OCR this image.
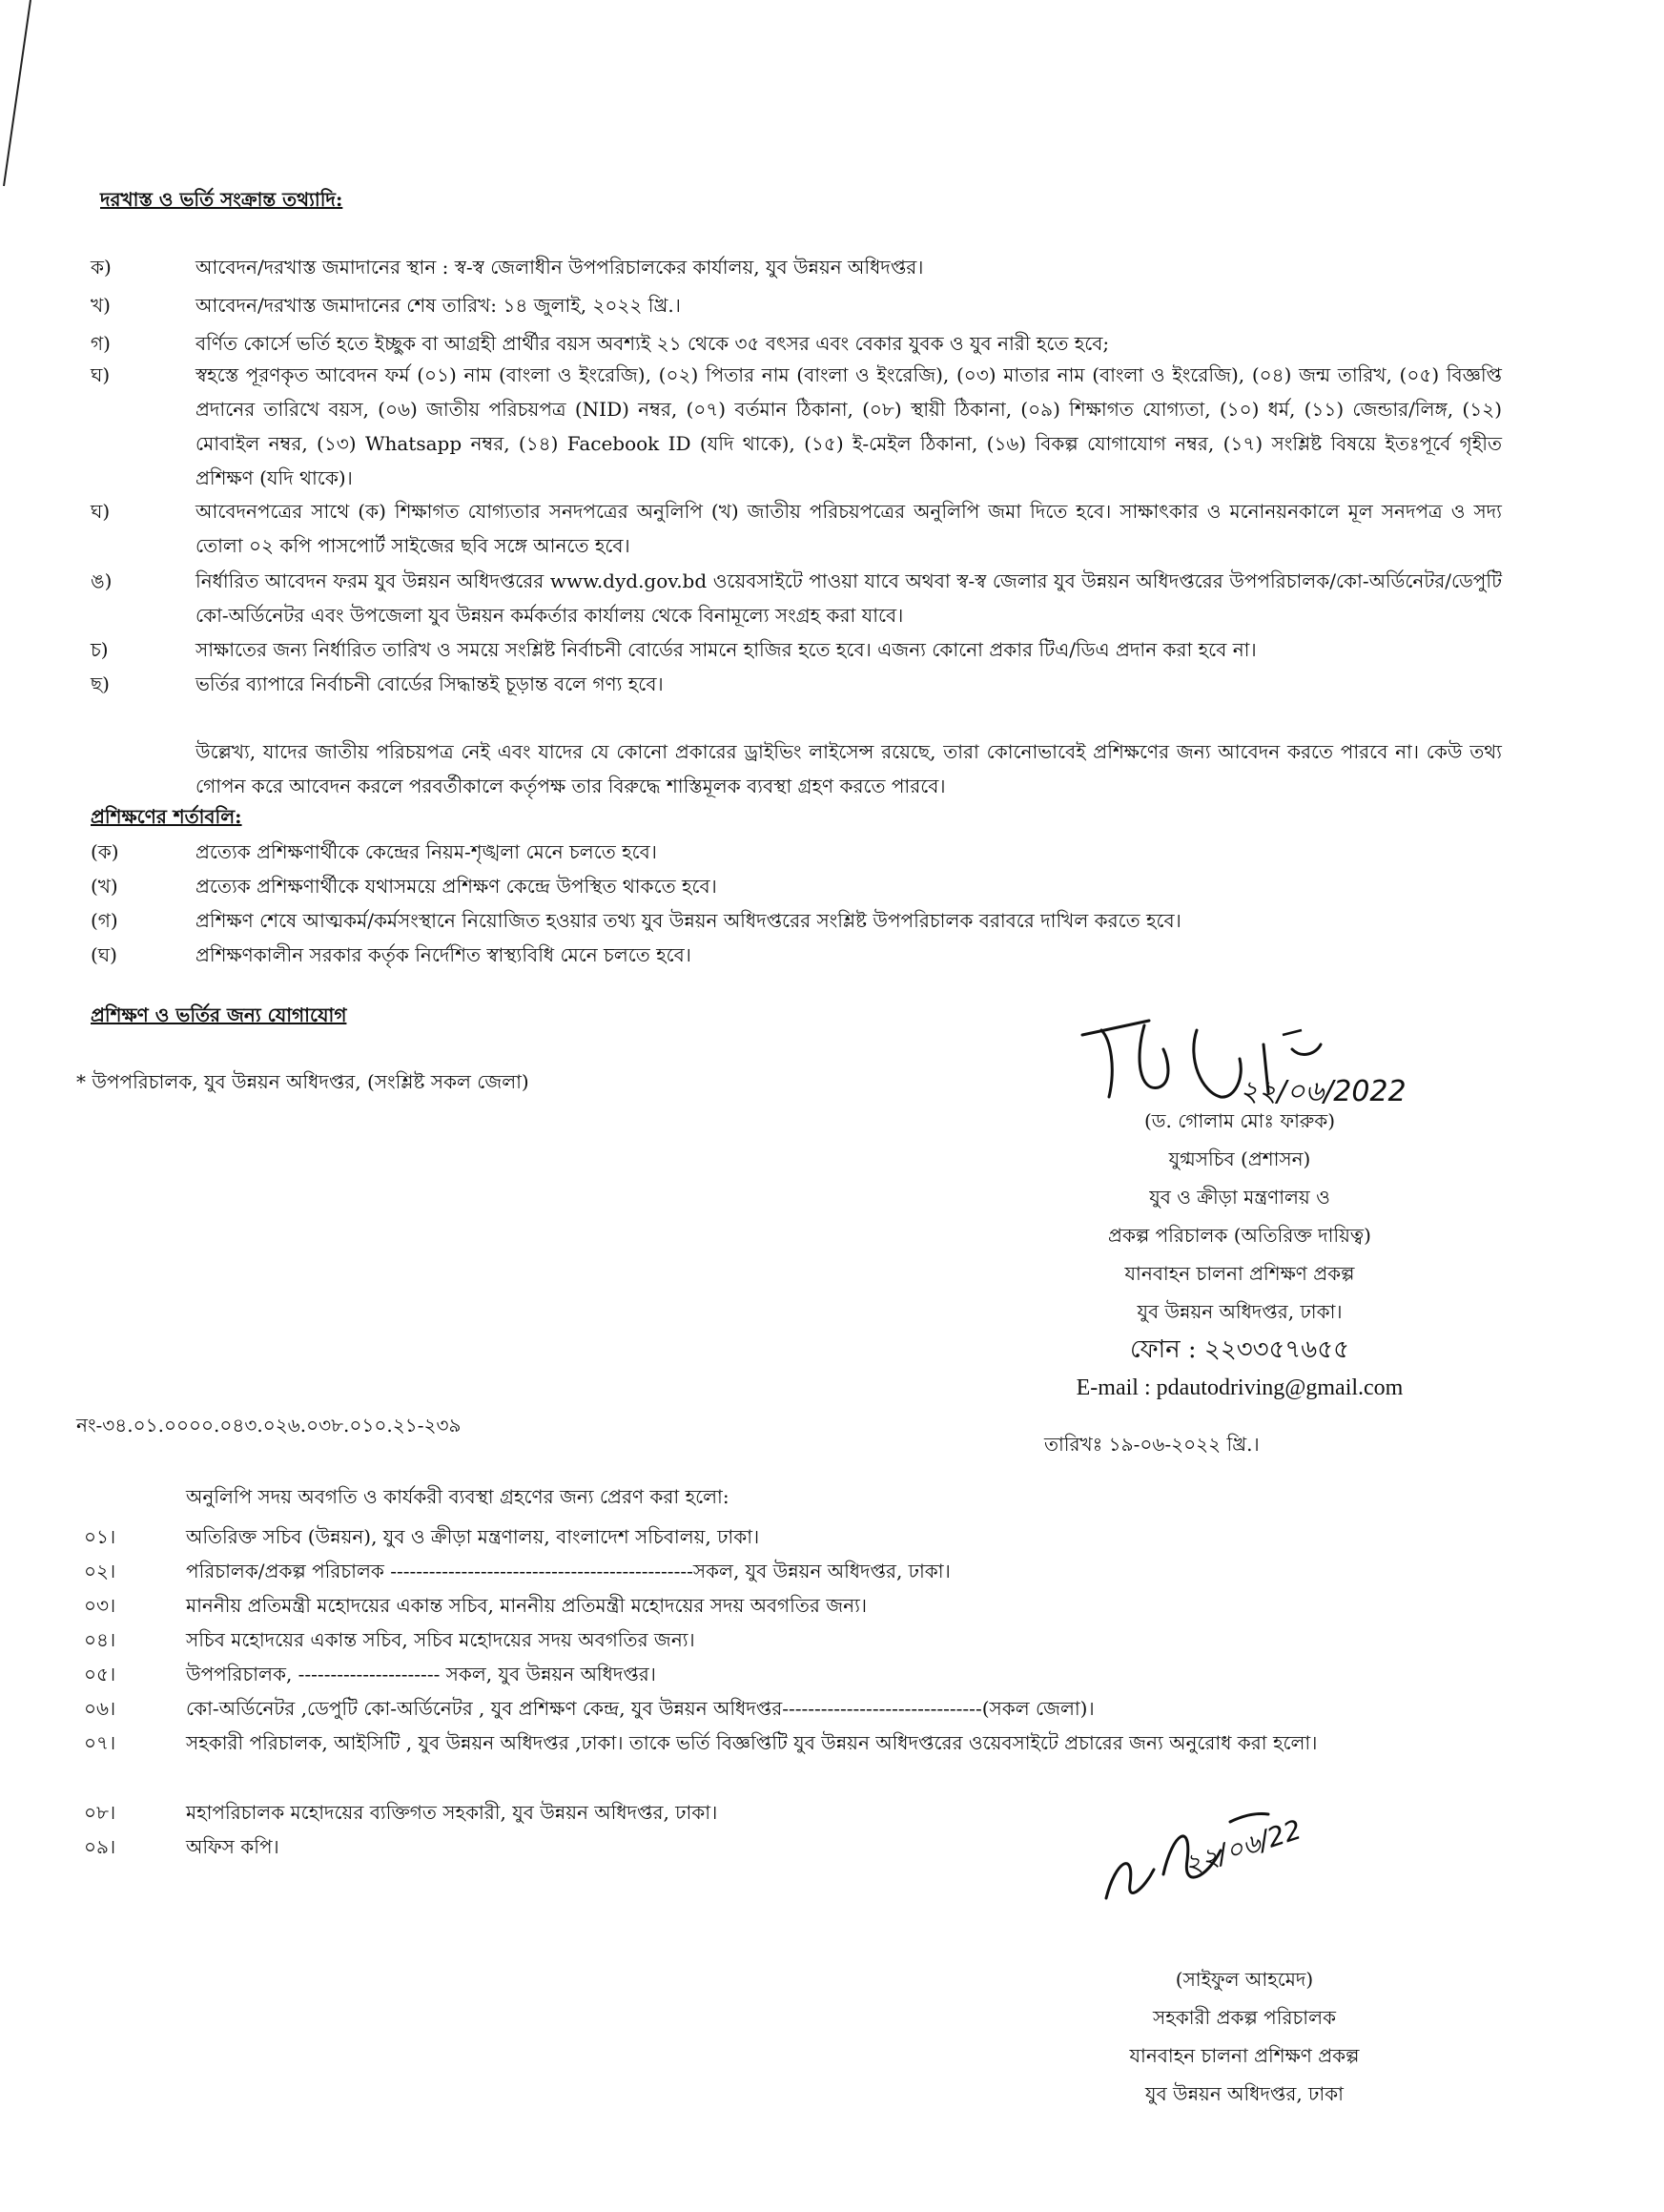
দরখাস্ত ও ভর্তি সংক্রান্ত তথ্যাদি:
ক)	আবেদন/দরখাস্ত জমাদানের স্থান : স্ব-স্ব জেলাধীন উপপরিচালকের কার্যালয়, যুব উন্নয়ন অধিদপ্তর।
খ)	আবেদন/দরখাস্ত জমাদানের শেষ তারিখ: ১৪ জুলাই, ২০২২ খ্রি.।
গ)	বর্ণিত কোর্সে ভর্তি হতে ইচ্ছুক বা আগ্রহী প্রার্থীর বয়স অবশ্যই ২১ থেকে ৩৫ বৎসর এবং বেকার যুবক ও যুব নারী হতে হবে;
ঘ)	স্বহস্তে পূরণকৃত আবেদন ফর্ম (০১) নাম (বাংলা ও ইংরেজি), (০২) পিতার নাম (বাংলা ও ইংরেজি), (০৩) মাতার নাম (বাংলা ও ইংরেজি), (০৪) জন্ম তারিখ, (০৫) বিজ্ঞপ্তি প্রদানের তারিখে বয়স, (০৬) জাতীয় পরিচয়পত্র (NID) নম্বর, (০৭) বর্তমান ঠিকানা, (০৮) স্থায়ী ঠিকানা, (০৯) শিক্ষাগত যোগ্যতা, (১০) ধর্ম, (১১) জেন্ডার/লিঙ্গ, (১২) মোবাইল নম্বর, (১৩) Whatsapp নম্বর, (১৪) Facebook ID (যদি থাকে), (১৫) ই-মেইল ঠিকানা, (১৬) বিকল্প যোগাযোগ নম্বর, (১৭) সংশ্লিষ্ট বিষয়ে ইতঃপূর্বে গৃহীত প্রশিক্ষণ (যদি থাকে)।
ঘ)	আবেদনপত্রের সাথে (ক) শিক্ষাগত যোগ্যতার সনদপত্রের অনুলিপি (খ) জাতীয় পরিচয়পত্রের অনুলিপি জমা দিতে হবে। সাক্ষাৎকার ও মনোনয়নকালে মূল সনদপত্র ও সদ্য তোলা ০২ কপি পাসপোর্ট সাইজের ছবি সঙ্গে আনতে হবে।
ঙ)	নির্ধারিত আবেদন ফরম যুব উন্নয়ন অধিদপ্তরের www.dyd.gov.bd ওয়েবসাইটে পাওয়া যাবে অথবা স্ব-স্ব জেলার যুব উন্নয়ন অধিদপ্তরের উপপরিচালক/কো-অর্ডিনেটর/ডেপুটি কো-অর্ডিনেটর এবং উপজেলা যুব উন্নয়ন কর্মকর্তার কার্যালয় থেকে বিনামূল্যে সংগ্রহ করা যাবে।
চ)	সাক্ষাতের জন্য নির্ধারিত তারিখ ও সময়ে সংশ্লিষ্ট নির্বাচনী বোর্ডের সামনে হাজির হতে হবে। এজন্য কোনো প্রকার টিএ/ডিএ প্রদান করা হবে না।
ছ)	ভর্তির ব্যাপারে নির্বাচনী বোর্ডের সিদ্ধান্তই চূড়ান্ত বলে গণ্য হবে।
উল্লেখ্য, যাদের জাতীয় পরিচয়পত্র নেই এবং যাদের যে কোনো প্রকারের ড্রাইভিং লাইসেন্স রয়েছে, তারা কোনোভাবেই প্রশিক্ষণের জন্য আবেদন করতে পারবে না। কেউ তথ্য গোপন করে আবেদন করলে পরবর্তীকালে কর্তৃপক্ষ তার বিরুদ্ধে শাস্তিমূলক ব্যবস্থা গ্রহণ করতে পারবে।
প্রশিক্ষণের শর্তাবলি:
(ক)	প্রত্যেক প্রশিক্ষণার্থীকে কেন্দ্রের নিয়ম-শৃঙ্খলা মেনে চলতে হবে।
(খ)	প্রত্যেক প্রশিক্ষণার্থীকে যথাসময়ে প্রশিক্ষণ কেন্দ্রে উপস্থিত থাকতে হবে।
(গ)	প্রশিক্ষণ শেষে আত্মকর্ম/কর্মসংস্থানে নিয়োজিত হওয়ার তথ্য যুব উন্নয়ন অধিদপ্তরের সংশ্লিষ্ট উপপরিচালক বরাবরে দাখিল করতে হবে।
(ঘ)	প্রশিক্ষণকালীন সরকার কর্তৃক নির্দেশিত স্বাস্থ্যবিধি মেনে চলতে হবে।
প্রশিক্ষণ ও ভর্তির জন্য যোগাযোগ
* উপপরিচালক, যুব উন্নয়ন অধিদপ্তর, (সংশ্লিষ্ট সকল জেলা)	২২/০৬/2022
(ড. গোলাম মোঃ ফারুক)
যুগ্মসচিব (প্রশাসন)
যুব ও ক্রীড়া মন্ত্রণালয় ও
প্রকল্প পরিচালক (অতিরিক্ত দায়িত্ব)
যানবাহন চালনা প্রশিক্ষণ প্রকল্প
যুব উন্নয়ন অধিদপ্তর, ঢাকা।
ফোন : ২২৩৩৫৭৬৫৫
E-mail : pdautodriving@gmail.com
নং-৩৪.০১.০০০০.০৪৩.০২৬.০৩৮.০১০.২১-২৩৯
তারিখঃ ১৯-০৬-২০২২ খ্রি.।
অনুলিপি সদয় অবগতি ও কার্যকরী ব্যবস্থা গ্রহণের জন্য প্রেরণ করা হলো:
০১।	অতিরিক্ত সচিব (উন্নয়ন), যুব ও ক্রীড়া মন্ত্রণালয়, বাংলাদেশ সচিবালয়, ঢাকা।
০২।	পরিচালক/প্রকল্প পরিচালক -----------------------------------------------সকল, যুব উন্নয়ন অধিদপ্তর, ঢাকা।
০৩।	মাননীয় প্রতিমন্ত্রী মহোদয়ের একান্ত সচিব, মাননীয় প্রতিমন্ত্রী মহোদয়ের সদয় অবগতির জন্য।
০৪।	সচিব মহোদয়ের একান্ত সচিব, সচিব মহোদয়ের সদয় অবগতির জন্য।
০৫।	উপপরিচালক, ---------------------- সকল, যুব উন্নয়ন অধিদপ্তর।
০৬।	কো-অর্ডিনেটর ,ডেপুটি কো-অর্ডিনেটর , যুব প্রশিক্ষণ কেন্দ্র, যুব উন্নয়ন অধিদপ্তর-------------------------------(সকল জেলা)।
০৭।	সহকারী পরিচালক, আইসিটি , যুব উন্নয়ন অধিদপ্তর ,ঢাকা। তাকে ভর্তি বিজ্ঞপ্তিটি যুব উন্নয়ন অধিদপ্তরের ওয়েবসাইটে প্রচারের জন্য অনুরোধ করা হলো।
০৮।	মহাপরিচালক মহোদয়ের ব্যক্তিগত সহকারী, যুব উন্নয়ন অধিদপ্তর, ঢাকা।
০৯।	অফিস কপি।	২২/০৬/22
(সাইফুল আহমেদ)
সহকারী প্রকল্প পরিচালক
যানবাহন চালনা প্রশিক্ষণ প্রকল্প
যুব উন্নয়ন অধিদপ্তর, ঢাকা
